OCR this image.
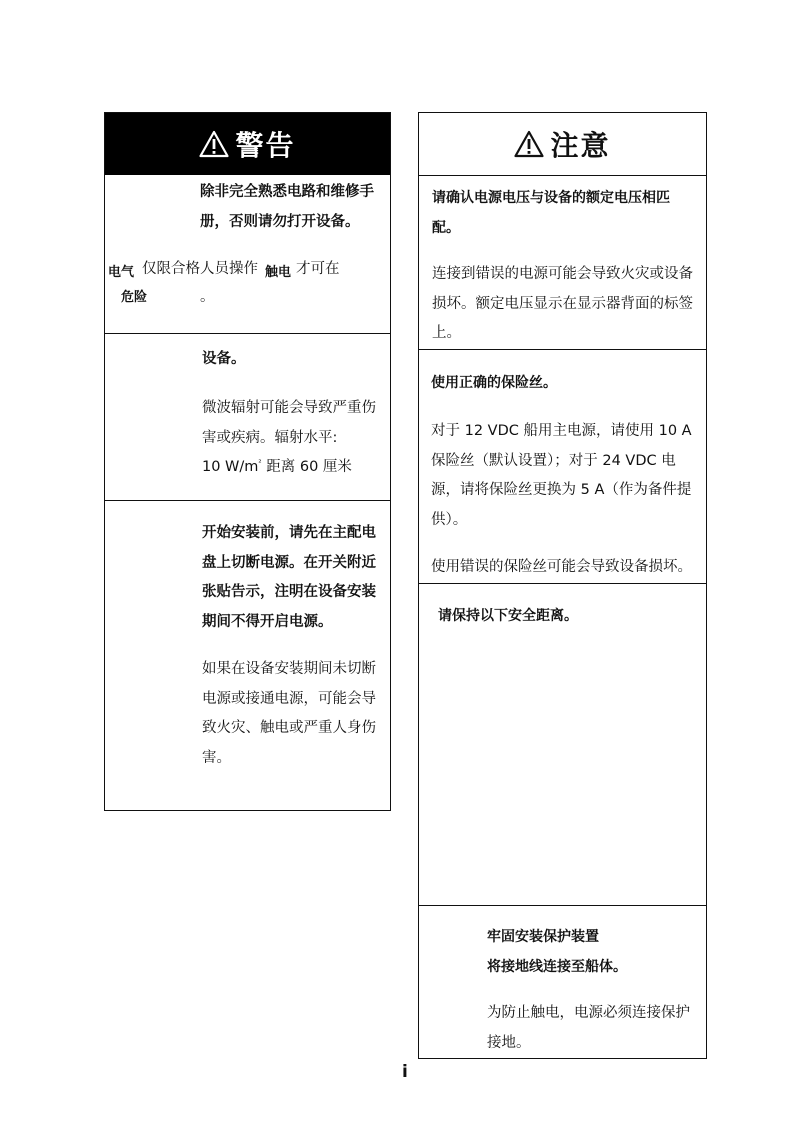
警告
除非完全熟悉电路和维修手册，否则请勿打开设备。
电气 仅限合格人员操作 触电 才可在
危险	。
设备。
微波辐射可能会导致严重伤害或疾病。辐射水平:
10 $W/m^{^2}$ 距离 60 厘米
开始安装前，请先在主配电盘上切断电源。在开关附近张贴告示，注明在设备安装期间不得开启电源。
如果在设备安装期间未切断电源或接通电源，可能会导致火灾、触电或严重人身伤害。
注意
请确认电源电压与设备的额定电压相匹配。
连接到错误的电源可能会导致火灾或设备损坏。额定电压显示在显示器背面的标签上。
使用正确的保险丝。
对于 12 VDC 船用主电源，请使用 10 A 保险丝（默认设置）；对于 24 VDC 电源，请将保险丝更换为 5 A（作为备件提供）。
使用错误的保险丝可能会导致设备损坏。
请保持以下安全距离。
牢固安装保护装置
将接地线连接至船体。
为防止触电，电源必须连接保护接地。
i
